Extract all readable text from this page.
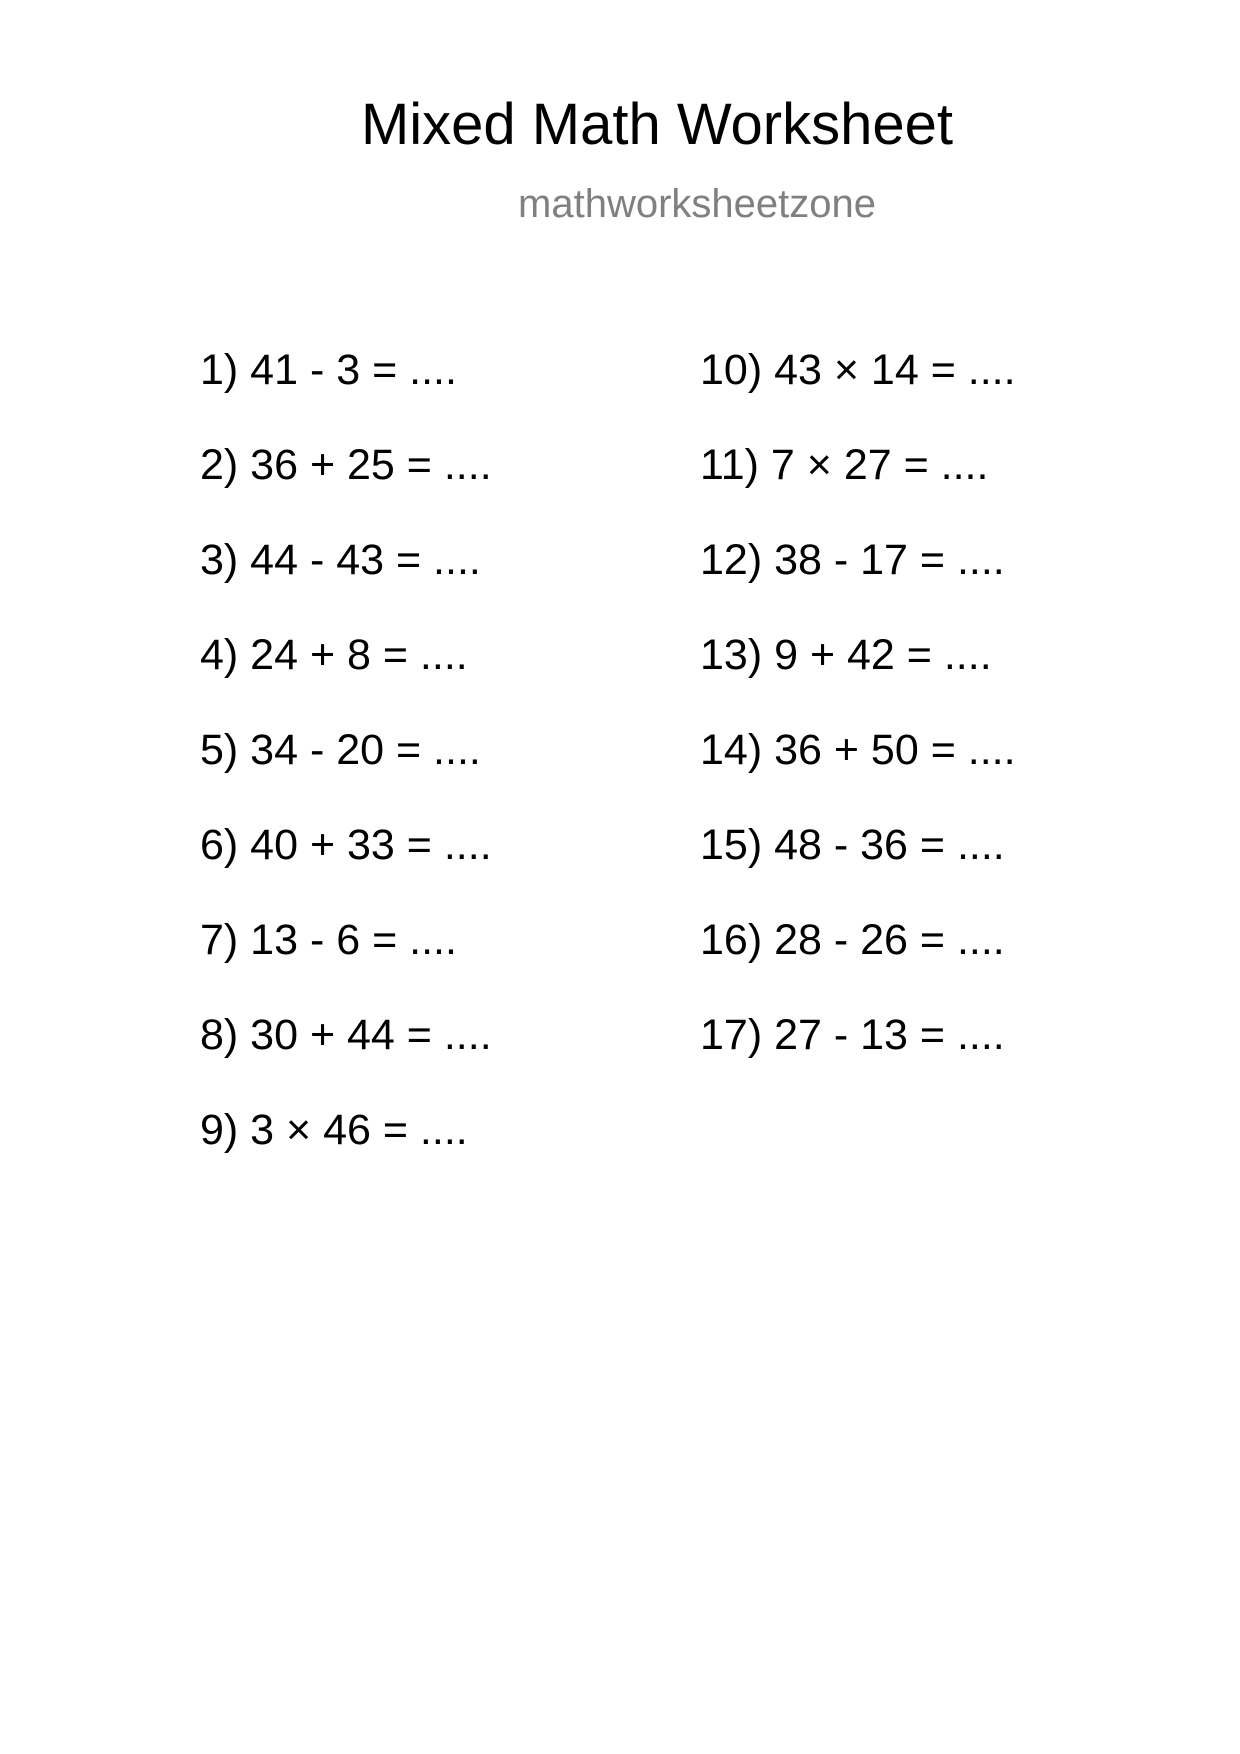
Mixed Math Worksheet
mathworksheetzone
1) 41 - 3 = ....
2) 36 + 25 = ....
3) 44 - 43 = ....
4) 24 + 8 = ....
5) 34 - 20 = ....
6) 40 + 33 = ....
7) 13 - 6 = ....
8) 30 + 44 = ....
9) 3 × 46 = ....
10) 43 × 14 = ....
11) 7 × 27 = ....
12) 38 - 17 = ....
13) 9 + 42 = ....
14) 36 + 50 = ....
15) 48 - 36 = ....
16) 28 - 26 = ....
17) 27 - 13 = ....
